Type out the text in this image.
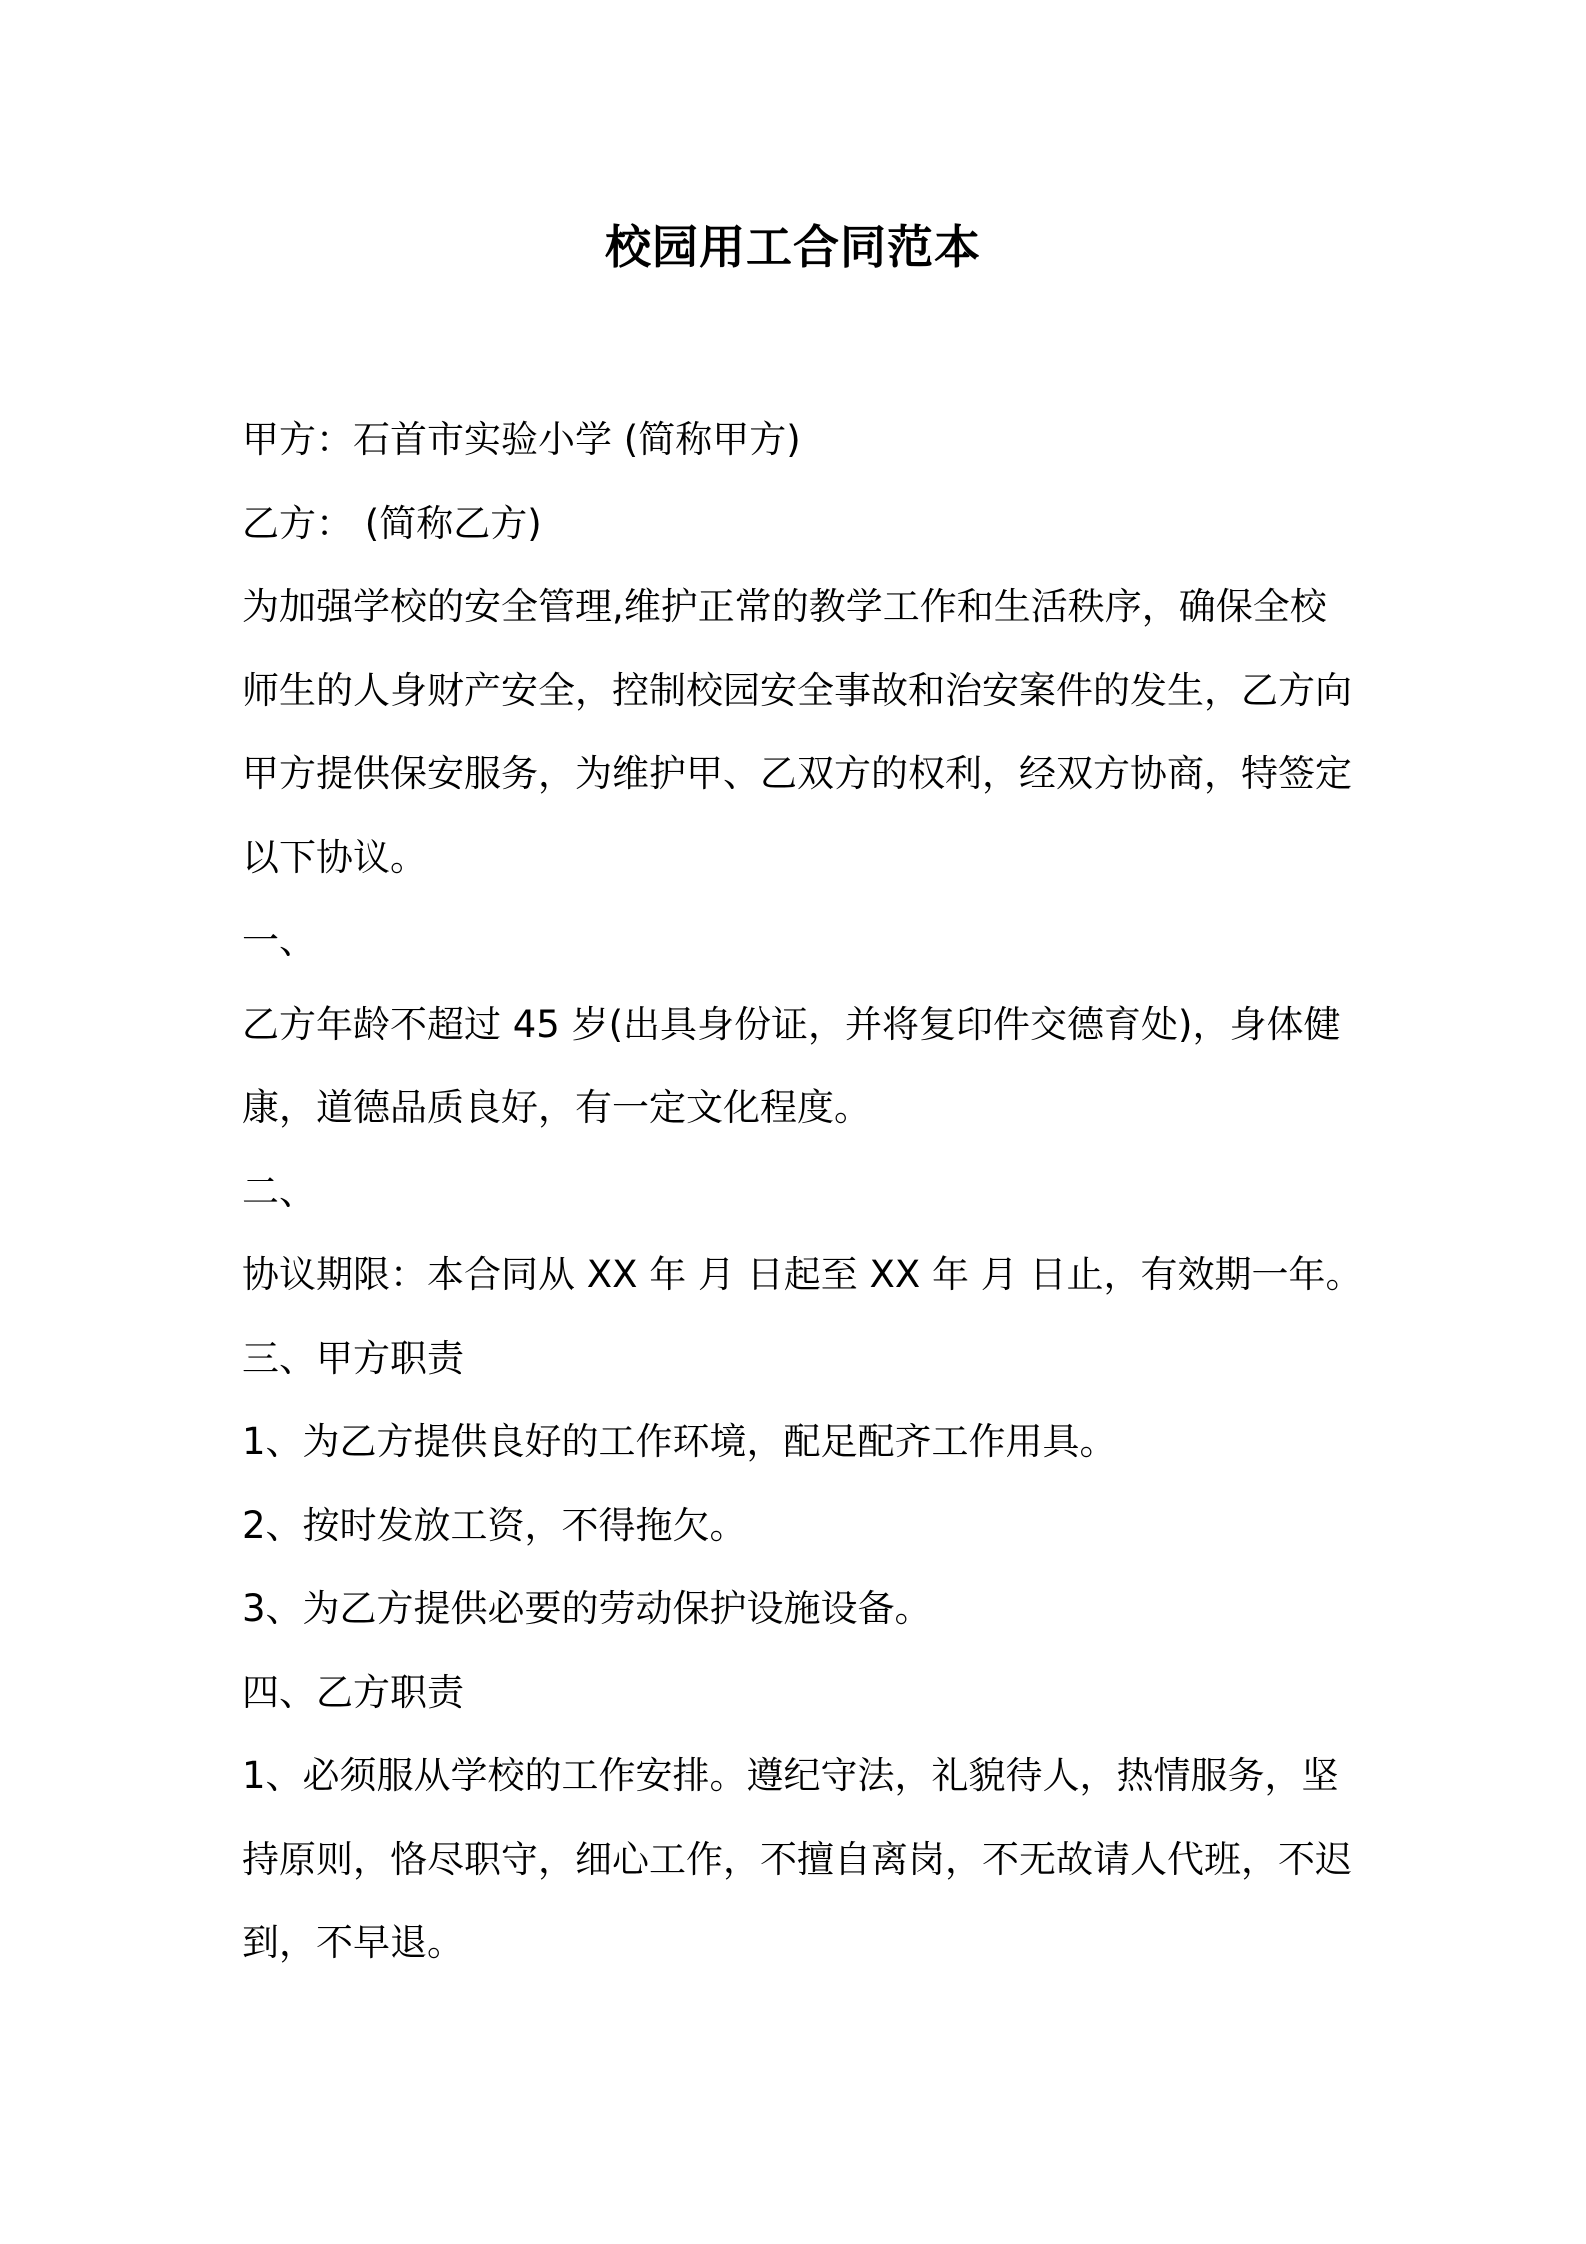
校园用工合同范本
甲方：石首市实验小学 (简称甲方)
乙方： (简称乙方)
为加强学校的安全管理,维护正常的教学工作和生活秩序，确保全校
师生的人身财产安全，控制校园安全事故和治安案件的发生，乙方向
甲方提供保安服务，为维护甲、乙双方的权利，经双方协商，特签定
以下协议。
一、
乙方年龄不超过 45 岁(出具身份证，并将复印件交德育处)，身体健
康，道德品质良好，有一定文化程度。
二、
协议期限：本合同从 XX 年 月 日起至 XX 年 月 日止，有效期一年。
三、甲方职责
1、为乙方提供良好的工作环境，配足配齐工作用具。
2、按时发放工资，不得拖欠。
3、为乙方提供必要的劳动保护设施设备。
四、乙方职责
1、必须服从学校的工作安排。遵纪守法，礼貌待人，热情服务，坚
持原则，恪尽职守，细心工作，不擅自离岗，不无故请人代班，不迟
到，不早退。
